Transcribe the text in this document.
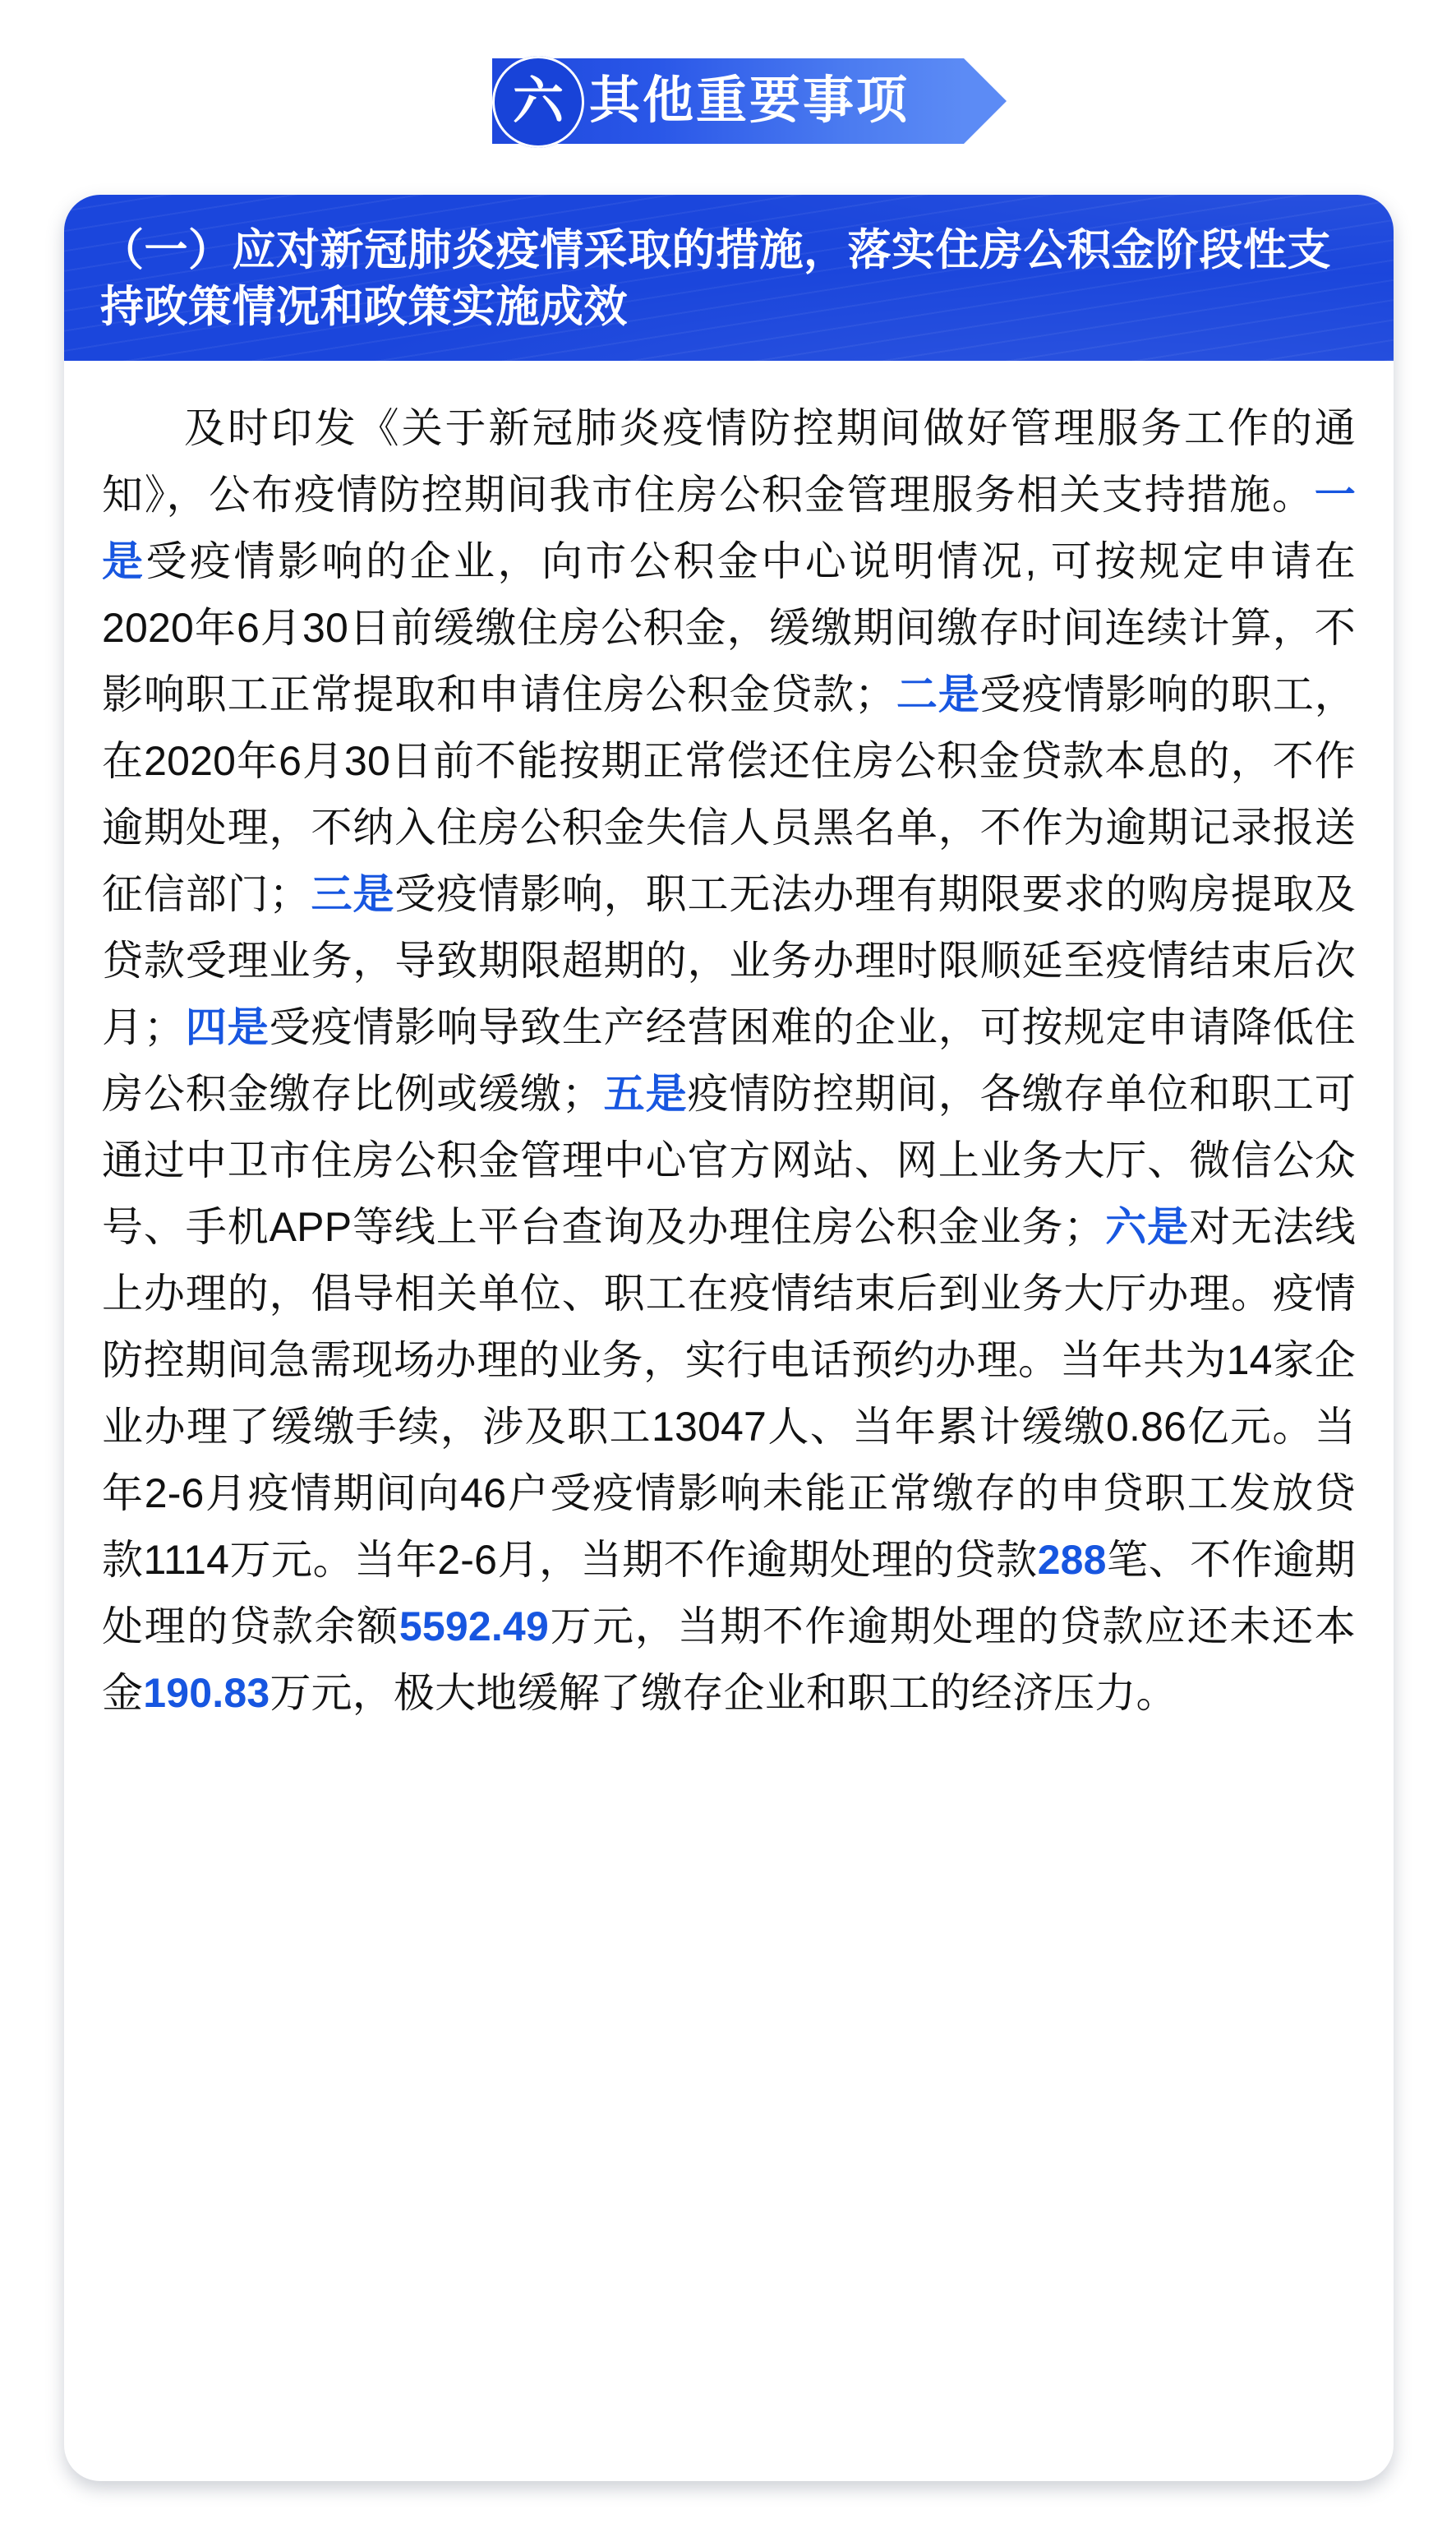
六 其他重要事项
（一）应对新冠肺炎疫情采取的措施，落实住房公积金阶段性支持政策情况和政策实施成效

及时印发《关于新冠肺炎疫情防控期间做好管理服务工作的通知》，公布疫情防控期间我市住房公积金管理服务相关支持措施。一是受疫情影响的企业，向市公积金中心说明情况, 可按规定申请在2020年6月30日前缓缴住房公积金，缓缴期间缴存时间连续计算，不影响职工正常提取和申请住房公积金贷款；二是受疫情影响的职工，在2020年6月30日前不能按期正常偿还住房公积金贷款本息的，不作逾期处理，不纳入住房公积金失信人员黑名单，不作为逾期记录报送征信部门；三是受疫情影响，职工无法办理有期限要求的购房提取及贷款受理业务，导致期限超期的，业务办理时限顺延至疫情结束后次月；四是受疫情影响导致生产经营困难的企业，可按规定申请降低住房公积金缴存比例或缓缴；五是疫情防控期间，各缴存单位和职工可通过中卫市住房公积金管理中心官方网站、网上业务大厅、微信公众号、手机APP等线上平台查询及办理住房公积金业务；六是对无法线上办理的，倡导相关单位、职工在疫情结束后到业务大厅办理。疫情防控期间急需现场办理的业务，实行电话预约办理。当年共为14家企业办理了缓缴手续，涉及职工13047人、当年累计缓缴0.86亿元。当年2-6月疫情期间向46户受疫情影响未能正常缴存的申贷职工发放贷款1114万元。当年2-6月，当期不作逾期处理的贷款288笔、不作逾期处理的贷款余额5592.49万元，当期不作逾期处理的贷款应还未还本金190.83万元，极大地缓解了缴存企业和职工的经济压力。
